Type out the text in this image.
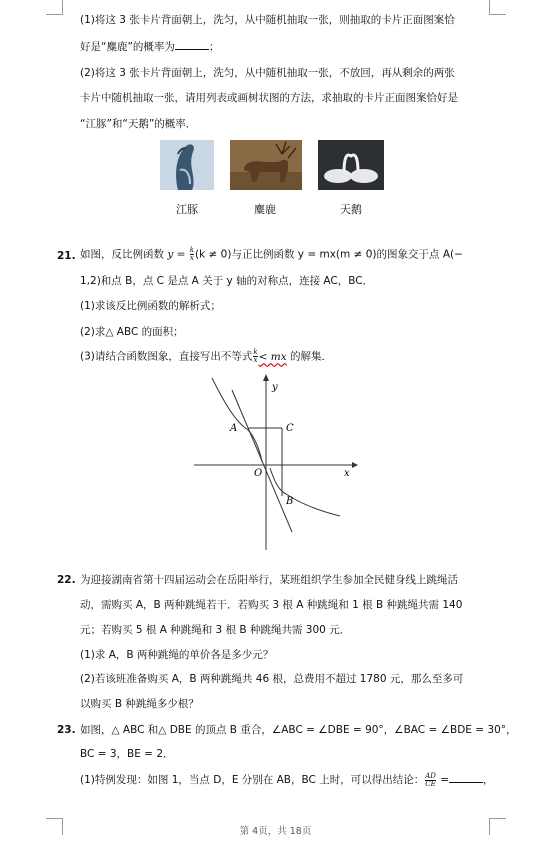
(1)将这 3 张卡片背面朝上，洗匀，从中随机抽取一张，则抽取的卡片正面图案恰
好是“麋鹿”的概率为	；
(2)将这 3 张卡片背面朝上，洗匀，从中随机抽取一张，不放回，再从剩余的两张
卡片中随机抽取一张，请用列表或画树状图的方法，求抽取的卡片正面图案恰好是
“江豚”和“天鹅”的概率．
江豚	麋鹿	天鹅
21. 如图，反比例函数 $y = \frac{k}{x} (k \ne 0)$与正比例函数 y = mx(m ≠ 0)的图象交于点 A(−
1,2)和点 B，点 C 是点 A 关于 y 轴的对称点，连接 AC，BC．
(1)求该反比例函数的解析式；
(2)求△ ABC 的面积；
(3)请结合函数图象，直接写出不等式 $\frac{k}{x}$ < mx 的解集．
y
x
O
A	C
B
22. 为迎接湖南省第十四届运动会在岳阳举行，某班组织学生参加全民健身线上跳绳活
动，需购买 A，B 两种跳绳若干．若购买 3 根 A 种跳绳和 1 根 B 种跳绳共需 140
元；若购买 5 根 A 种跳绳和 3 根 B 种跳绳共需 300 元．
(1)求 A，B 两种跳绳的单价各是多少元？
(2)若该班准备购买 A，B 两种跳绳共 46 根，总费用不超过 1780 元，那么至多可
以购买 B 种跳绳多少根？
23. 如图，△ ABC 和△ DBE 的顶点 B 重合，∠ABC = ∠DBE = 90°，∠BAC = ∠BDE = 30°，
BC = 3，BE = 2．
(1)特例发现：如图 1，当点 D，E 分别在 AB，BC 上时，可以得出结论： $\frac{AD}{CE}$ =	，
第 4页，共 18页
